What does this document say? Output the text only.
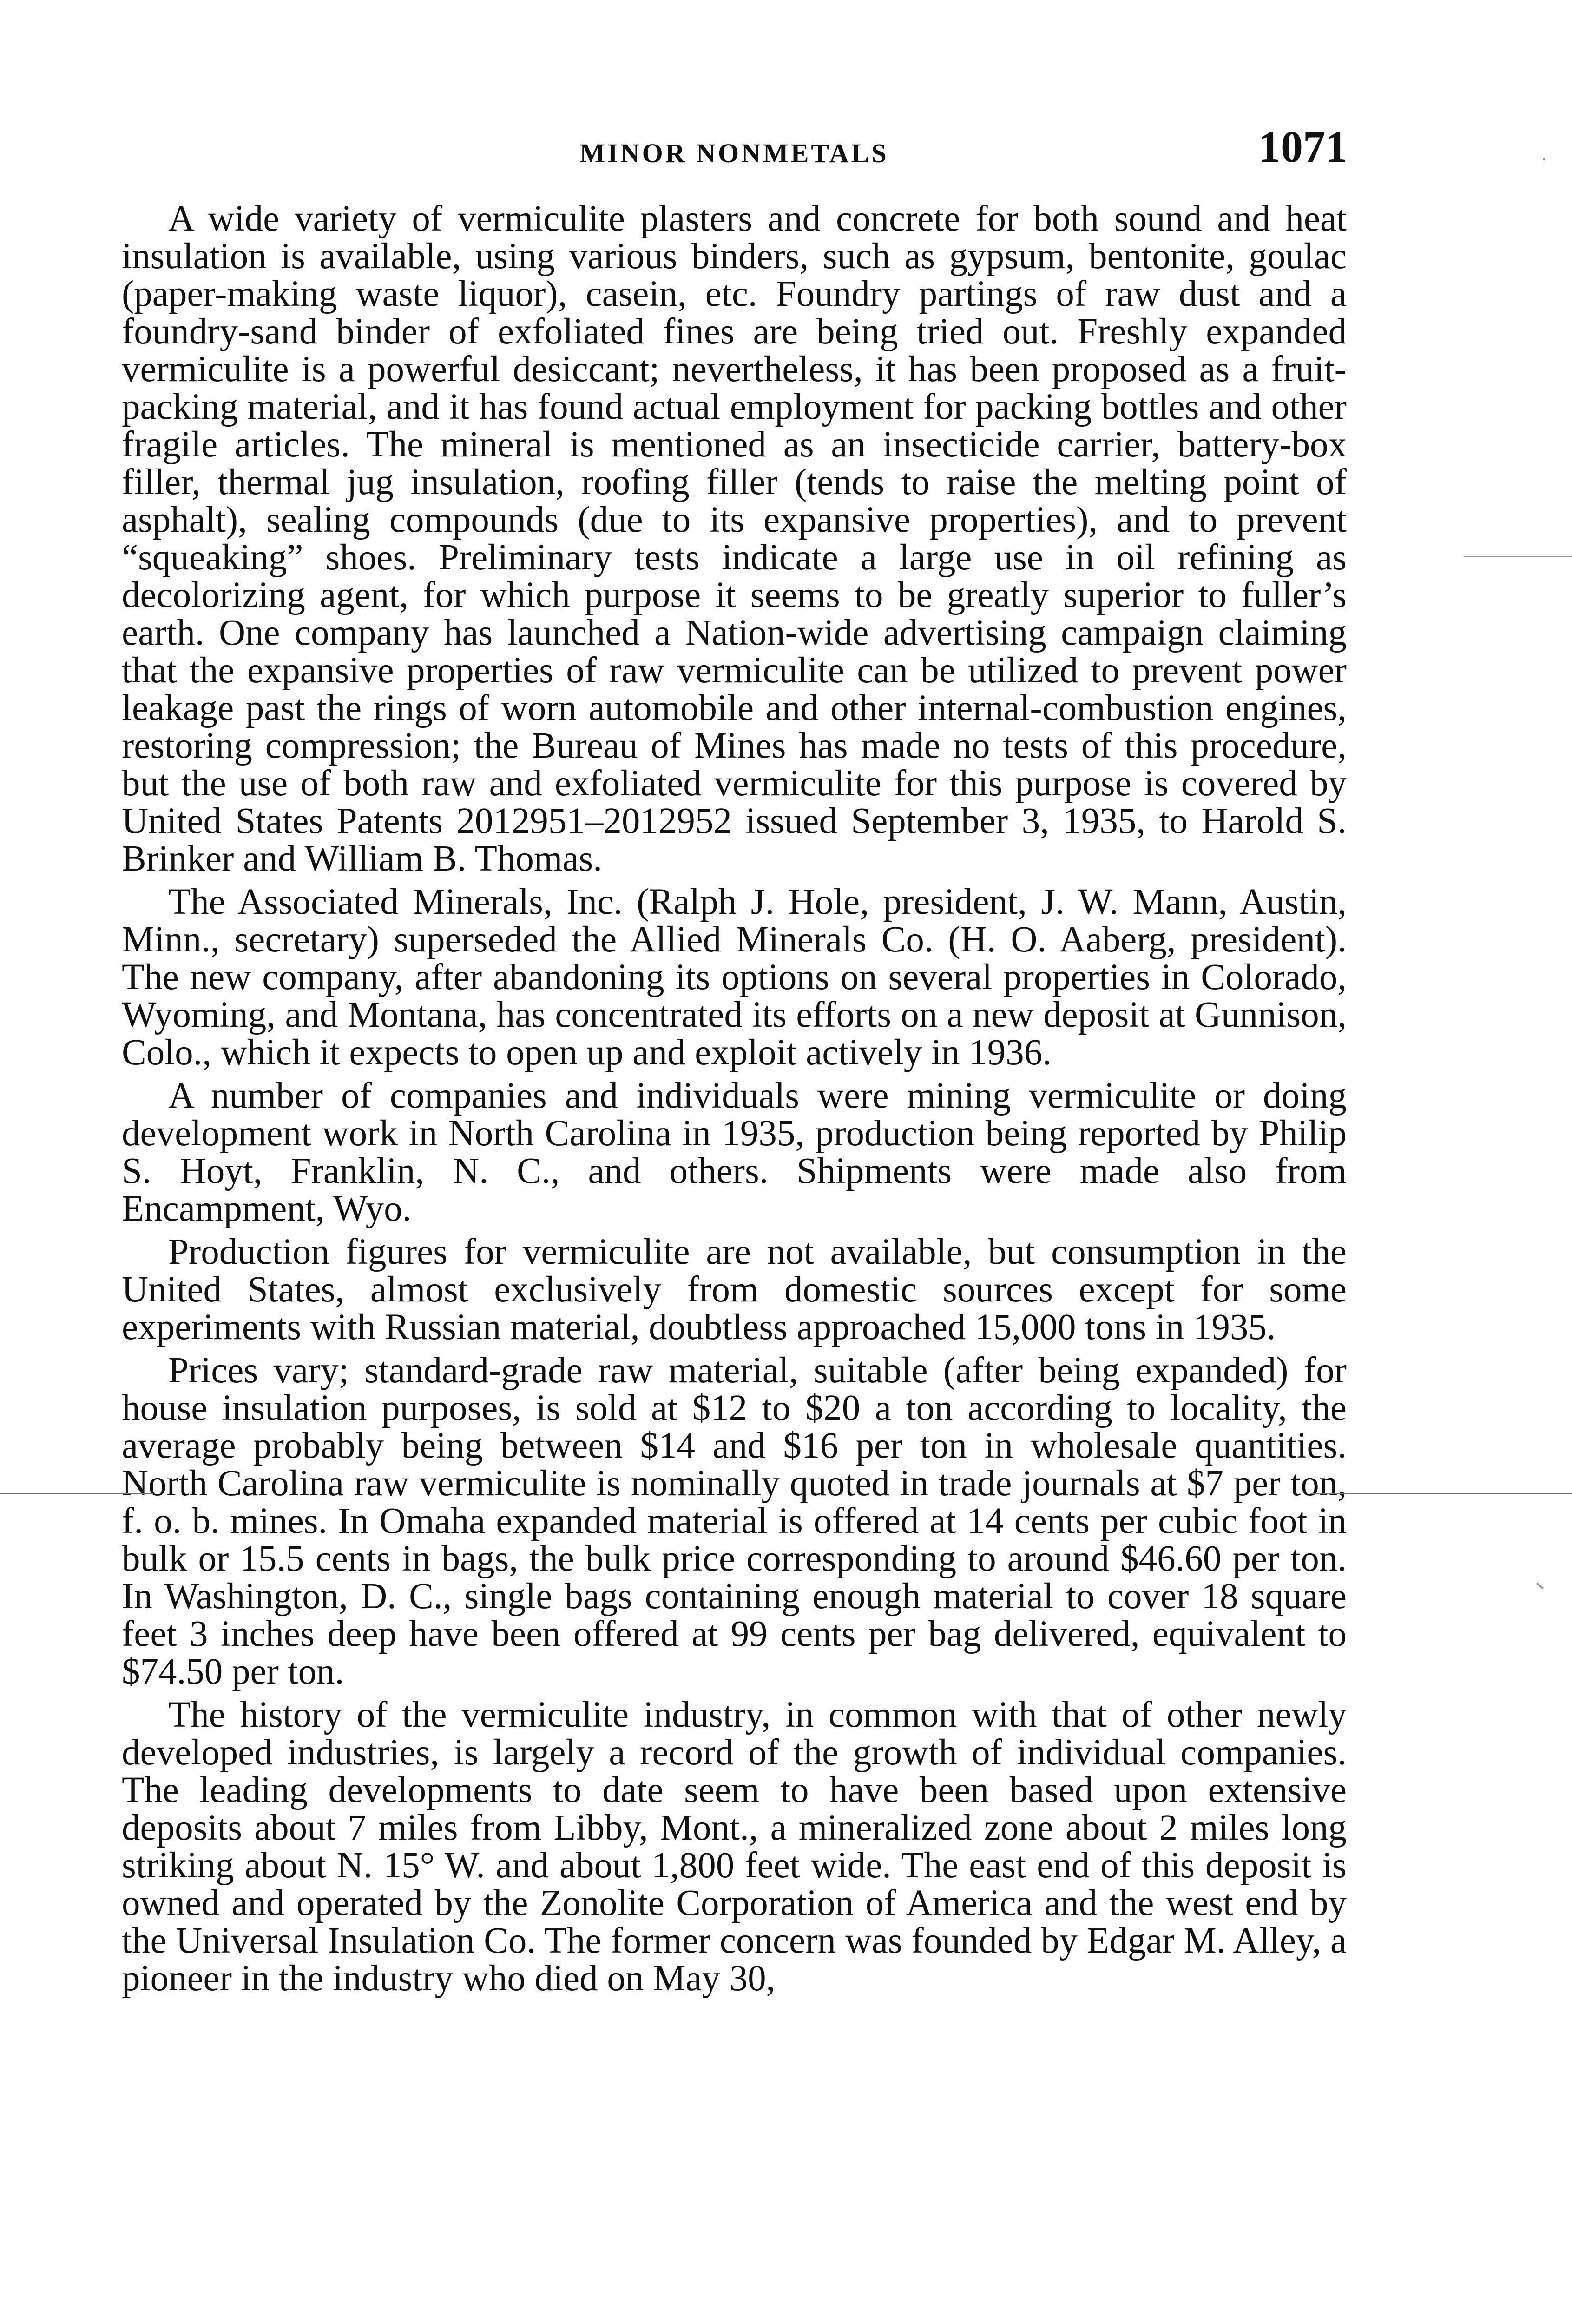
MINOR NONMETALS	1071

A wide variety of vermiculite plasters and concrete for both sound and heat insulation is available, using various binders, such as gypsum, bentonite, goulac (paper-making waste liquor), casein, etc. Foundry partings of raw dust and a foundry-sand binder of exfoliated fines are being tried out. Freshly expanded vermiculite is a powerful desiccant; nevertheless, it has been proposed as a fruit-packing material, and it has found actual employment for packing bottles and other fragile articles. The mineral is mentioned as an insecticide carrier, battery-box filler, thermal jug insulation, roofing filler (tends to raise the melting point of asphalt), sealing compounds (due to its expansive properties), and to prevent “squeaking” shoes. Preliminary tests indicate a large use in oil refining as decolorizing agent, for which purpose it seems to be greatly superior to fuller’s earth. One company has launched a Nation-wide advertising campaign claiming that the expansive properties of raw vermiculite can be utilized to prevent power leakage past the rings of worn automobile and other internal-combustion engines, restoring compression; the Bureau of Mines has made no tests of this procedure, but the use of both raw and exfoliated vermiculite for this purpose is covered by United States Patents 2012951–2012952 issued September 3, 1935, to Harold S. Brinker and William B. Thomas.

The Associated Minerals, Inc. (Ralph J. Hole, president, J. W. Mann, Austin, Minn., secretary) superseded the Allied Minerals Co. (H. O. Aaberg, president). The new company, after abandoning its options on several properties in Colorado, Wyoming, and Montana, has concentrated its efforts on a new deposit at Gunnison, Colo., which it expects to open up and exploit actively in 1936.

A number of companies and individuals were mining vermiculite or doing development work in North Carolina in 1935, production being reported by Philip S. Hoyt, Franklin, N. C., and others. Shipments were made also from Encampment, Wyo.

Production figures for vermiculite are not available, but consumption in the United States, almost exclusively from domestic sources except for some experiments with Russian material, doubtless approached 15,000 tons in 1935.

Prices vary; standard-grade raw material, suitable (after being expanded) for house insulation purposes, is sold at $12 to $20 a ton according to locality, the average probably being between $14 and $16 per ton in wholesale quantities. North Carolina raw vermiculite is nominally quoted in trade journals at $7 per ton, f. o. b. mines. In Omaha expanded material is offered at 14 cents per cubic foot in bulk or 15.5 cents in bags, the bulk price corresponding to around $46.60 per ton. In Washington, D. C., single bags containing enough material to cover 18 square feet 3 inches deep have been offered at 99 cents per bag delivered, equivalent to $74.50 per ton.

The history of the vermiculite industry, in common with that of other newly developed industries, is largely a record of the growth of individual companies. The leading developments to date seem to have been based upon extensive deposits about 7 miles from Libby, Mont., a mineralized zone about 2 miles long striking about N. 15° W. and about 1,800 feet wide. The east end of this deposit is owned and operated by the Zonolite Corporation of America and the west end by the Universal Insulation Co. The former concern was founded by Edgar M. Alley, a pioneer in the industry who died on May 30,
